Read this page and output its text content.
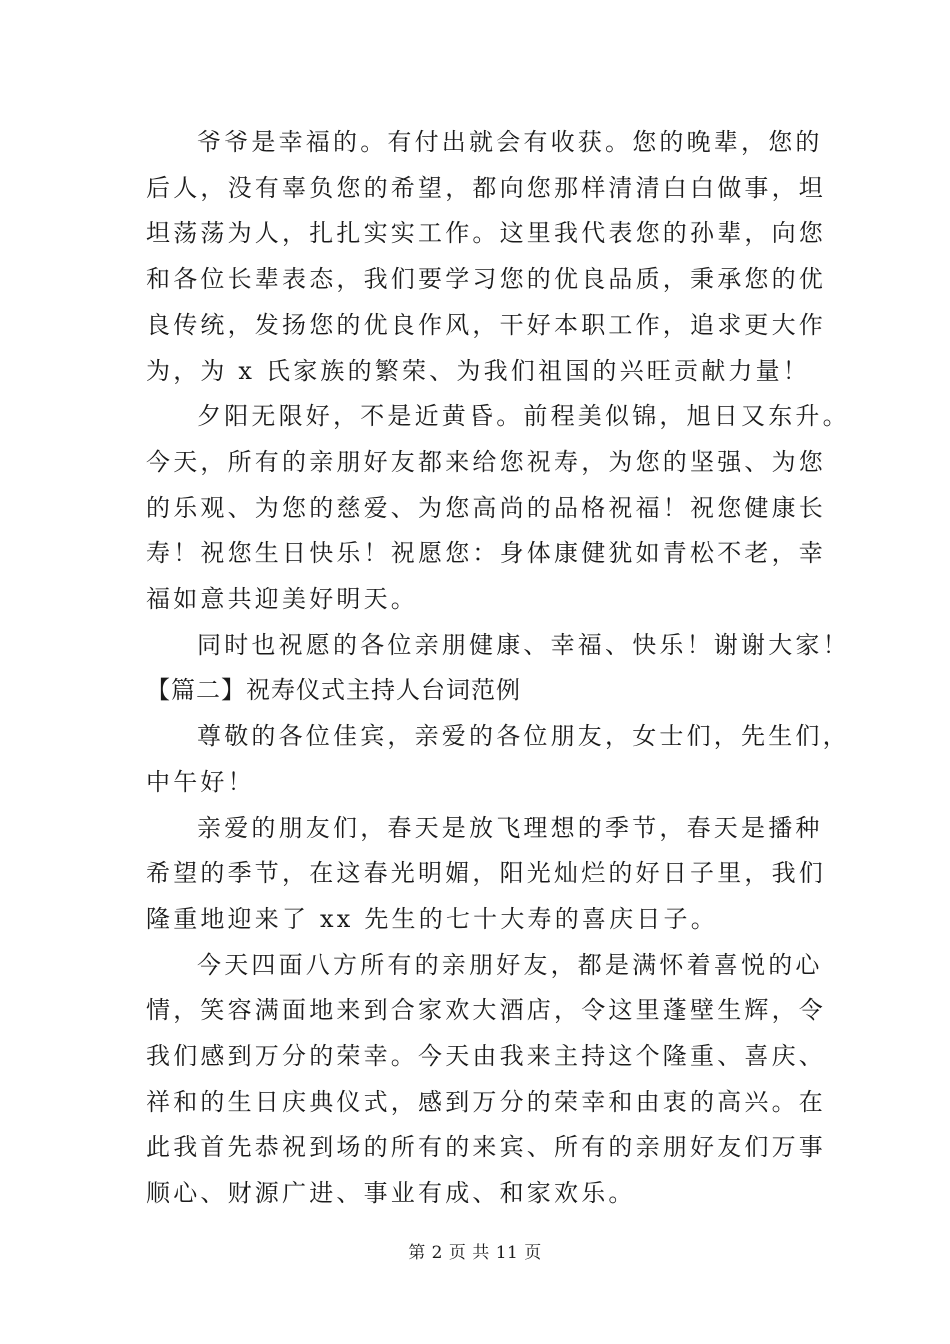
爷爷是幸福的。有付出就会有收获。您的晚辈，您的
后人，没有辜负您的希望，都向您那样清清白白做事，坦
坦荡荡为人，扎扎实实工作。这里我代表您的孙辈，向您
和各位长辈表态，我们要学习您的优良品质，秉承您的优
良传统，发扬您的优良作风，干好本职工作，追求更大作
为，为 x 氏家族的繁荣、为我们祖国的兴旺贡献力量！

夕阳无限好，不是近黄昏。前程美似锦，旭日又东升。
今天，所有的亲朋好友都来给您祝寿，为您的坚强、为您
的乐观、为您的慈爱、为您高尚的品格祝福！祝您健康长
寿！祝您生日快乐！祝愿您：身体康健犹如青松不老，幸
福如意共迎美好明天。

同时也祝愿的各位亲朋健康、幸福、快乐！谢谢大家！

【篇二】祝寿仪式主持人台词范例

尊敬的各位佳宾，亲爱的各位朋友，女士们，先生们，
中午好！

亲爱的朋友们，春天是放飞理想的季节，春天是播种
希望的季节，在这春光明媚，阳光灿烂的好日子里，我们
隆重地迎来了 xx 先生的七十大寿的喜庆日子。

今天四面八方所有的亲朋好友，都是满怀着喜悦的心
情，笑容满面地来到合家欢大酒店，令这里蓬壁生辉，令
我们感到万分的荣幸。今天由我来主持这个隆重、喜庆、
祥和的生日庆典仪式，感到万分的荣幸和由衷的高兴。在
此我首先恭祝到场的所有的来宾、所有的亲朋好友们万事
顺心、财源广进、事业有成、和家欢乐。

第 2 页 共 11 页
